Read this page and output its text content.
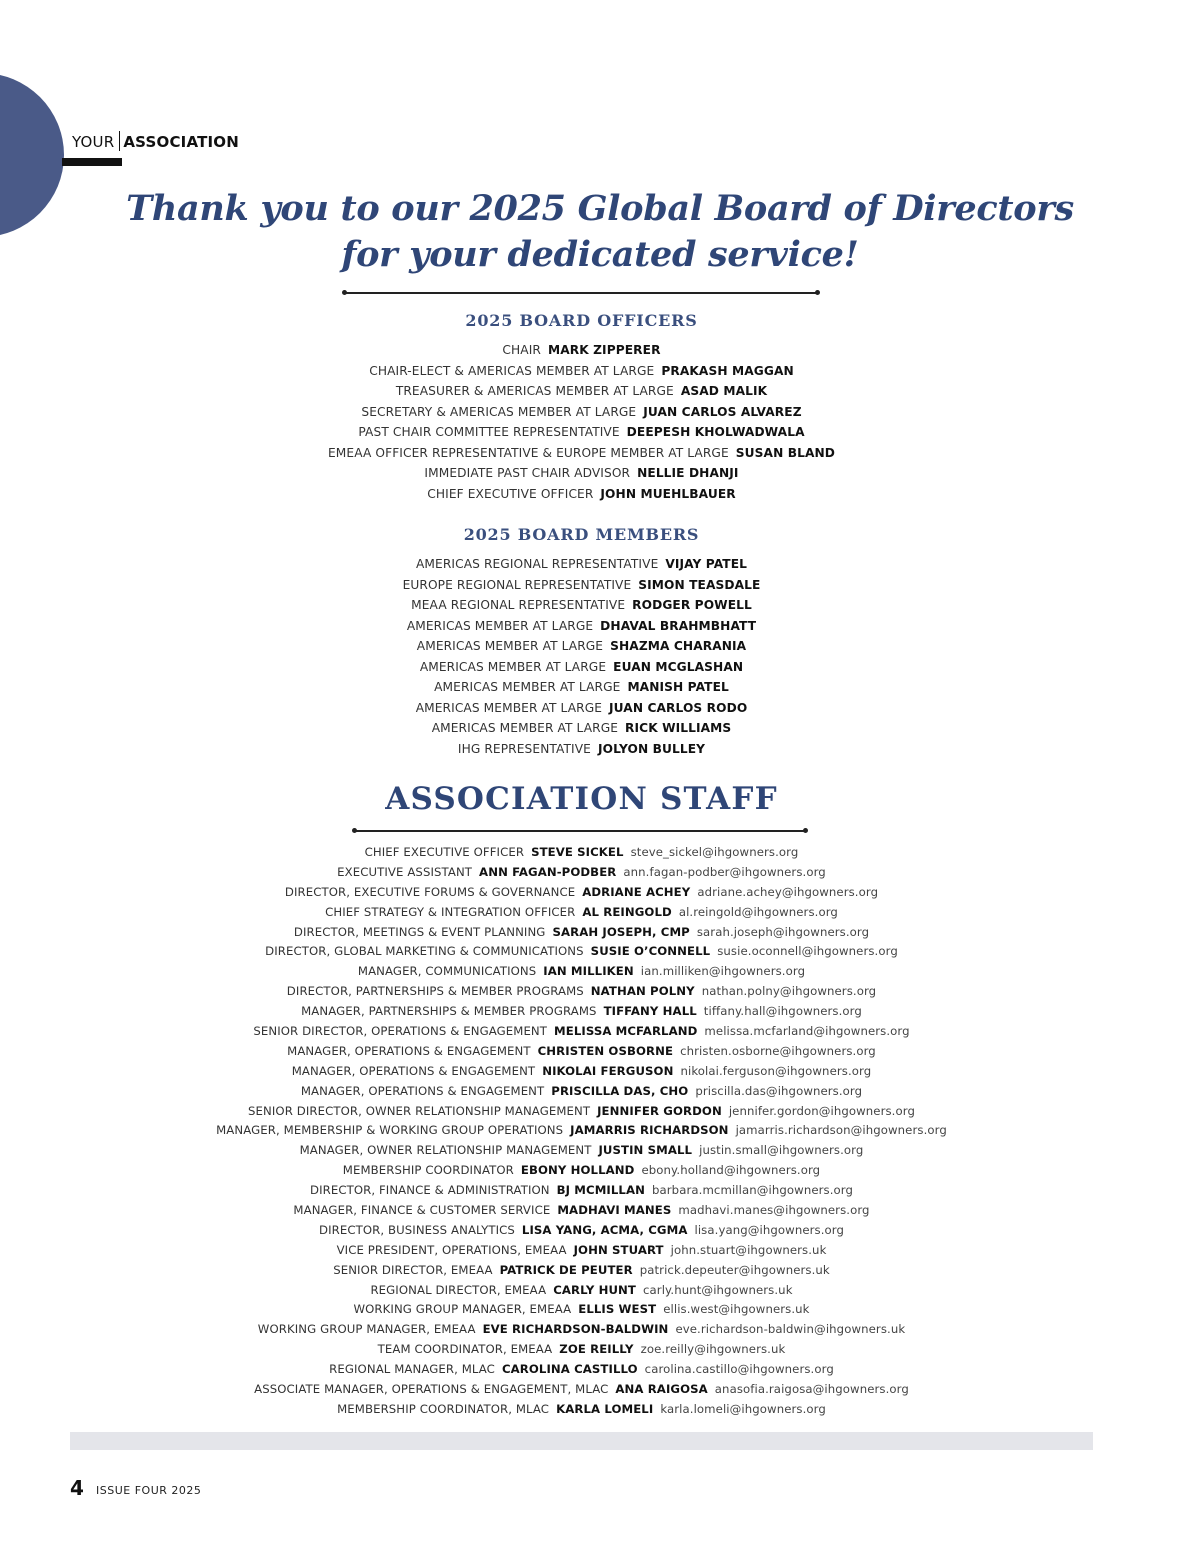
YOUR ASSOCIATION
Thank you to our 2025 Global Board of Directors
for your dedicated service!
2025 BOARD OFFICERS
CHAIR MARK ZIPPERER
CHAIR-ELECT & AMERICAS MEMBER AT LARGE PRAKASH MAGGAN
TREASURER & AMERICAS MEMBER AT LARGE ASAD MALIK
SECRETARY & AMERICAS MEMBER AT LARGE JUAN CARLOS ALVAREZ
PAST CHAIR COMMITTEE REPRESENTATIVE DEEPESH KHOLWADWALA
EMEAA OFFICER REPRESENTATIVE & EUROPE MEMBER AT LARGE SUSAN BLAND
IMMEDIATE PAST CHAIR ADVISOR NELLIE DHANJI
CHIEF EXECUTIVE OFFICER JOHN MUEHLBAUER
2025 BOARD MEMBERS
AMERICAS REGIONAL REPRESENTATIVE VIJAY PATEL
EUROPE REGIONAL REPRESENTATIVE SIMON TEASDALE
MEAA REGIONAL REPRESENTATIVE RODGER POWELL
AMERICAS MEMBER AT LARGE DHAVAL BRAHMBHATT
AMERICAS MEMBER AT LARGE SHAZMA CHARANIA
AMERICAS MEMBER AT LARGE EUAN MCGLASHAN
AMERICAS MEMBER AT LARGE MANISH PATEL
AMERICAS MEMBER AT LARGE JUAN CARLOS RODO
AMERICAS MEMBER AT LARGE RICK WILLIAMS
IHG REPRESENTATIVE JOLYON BULLEY
ASSOCIATION STAFF
CHIEF EXECUTIVE OFFICER STEVE SICKEL steve_sickel@ihgowners.org
EXECUTIVE ASSISTANT ANN FAGAN-PODBER ann.fagan-podber@ihgowners.org
DIRECTOR, EXECUTIVE FORUMS & GOVERNANCE ADRIANE ACHEY adriane.achey@ihgowners.org
CHIEF STRATEGY & INTEGRATION OFFICER AL REINGOLD al.reingold@ihgowners.org
DIRECTOR, MEETINGS & EVENT PLANNING SARAH JOSEPH, CMP sarah.joseph@ihgowners.org
DIRECTOR, GLOBAL MARKETING & COMMUNICATIONS SUSIE O’CONNELL susie.oconnell@ihgowners.org
MANAGER, COMMUNICATIONS IAN MILLIKEN ian.milliken@ihgowners.org
DIRECTOR, PARTNERSHIPS & MEMBER PROGRAMS NATHAN POLNY nathan.polny@ihgowners.org
MANAGER, PARTNERSHIPS & MEMBER PROGRAMS TIFFANY HALL tiffany.hall@ihgowners.org
SENIOR DIRECTOR, OPERATIONS & ENGAGEMENT MELISSA MCFARLAND melissa.mcfarland@ihgowners.org
MANAGER, OPERATIONS & ENGAGEMENT CHRISTEN OSBORNE christen.osborne@ihgowners.org
MANAGER, OPERATIONS & ENGAGEMENT NIKOLAI FERGUSON nikolai.ferguson@ihgowners.org
MANAGER, OPERATIONS & ENGAGEMENT PRISCILLA DAS, CHO priscilla.das@ihgowners.org
SENIOR DIRECTOR, OWNER RELATIONSHIP MANAGEMENT JENNIFER GORDON jennifer.gordon@ihgowners.org
MANAGER, MEMBERSHIP & WORKING GROUP OPERATIONS JAMARRIS RICHARDSON jamarris.richardson@ihgowners.org
MANAGER, OWNER RELATIONSHIP MANAGEMENT JUSTIN SMALL justin.small@ihgowners.org
MEMBERSHIP COORDINATOR EBONY HOLLAND ebony.holland@ihgowners.org
DIRECTOR, FINANCE & ADMINISTRATION BJ MCMILLAN barbara.mcmillan@ihgowners.org
MANAGER, FINANCE & CUSTOMER SERVICE MADHAVI MANES madhavi.manes@ihgowners.org
DIRECTOR, BUSINESS ANALYTICS LISA YANG, ACMA, CGMA lisa.yang@ihgowners.org
VICE PRESIDENT, OPERATIONS, EMEAA JOHN STUART john.stuart@ihgowners.uk
SENIOR DIRECTOR, EMEAA PATRICK DE PEUTER patrick.depeuter@ihgowners.uk
REGIONAL DIRECTOR, EMEAA CARLY HUNT carly.hunt@ihgowners.uk
WORKING GROUP MANAGER, EMEAA ELLIS WEST ellis.west@ihgowners.uk
WORKING GROUP MANAGER, EMEAA EVE RICHARDSON-BALDWIN eve.richardson-baldwin@ihgowners.uk
TEAM COORDINATOR, EMEAA ZOE REILLY zoe.reilly@ihgowners.uk
REGIONAL MANAGER, MLAC CAROLINA CASTILLO carolina.castillo@ihgowners.org
ASSOCIATE MANAGER, OPERATIONS & ENGAGEMENT, MLAC ANA RAIGOSA anasofia.raigosa@ihgowners.org
MEMBERSHIP COORDINATOR, MLAC KARLA LOMELI karla.lomeli@ihgowners.org
4 ISSUE FOUR 2025
